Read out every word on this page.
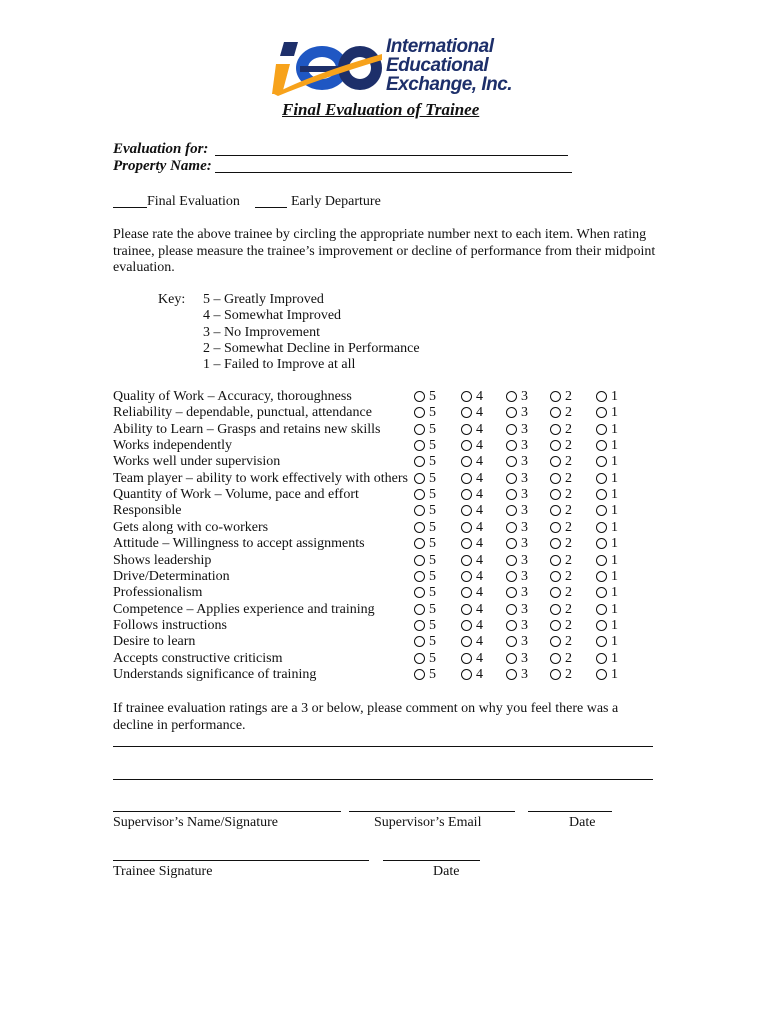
International
Educational
Exchange, Inc.
Final Evaluation of Trainee
Evaluation for:
Property Name:
Final Evaluation	Early Departure
Please rate the above trainee by circling the appropriate number next to each item. When rating trainee, please measure the trainee’s improvement or decline of performance from their midpoint evaluation.
Key: 5 – Greatly Improved
4 – Somewhat Improved
3 – No Improvement
2 – Somewhat Decline in Performance
1 – Failed to Improve at all
Quality of Work – Accuracy, thoroughness	5	4	3	2	1
Reliability – dependable, punctual, attendance	5	4	3	2	1
Ability to Learn – Grasps and retains new skills	5	4	3	2	1
Works independently	5	4	3	2	1
Works well under supervision	5	4	3	2	1
Team player – ability to work effectively with others 5	4	3	2	1
Quantity of Work – Volume, pace and effort	5	4	3	2	1
Responsible	5	4	3	2	1
Gets along with co-workers	5	4	3	2	1
Attitude – Willingness to accept assignments	5	4	3	2	1
Shows leadership	5	4	3	2	1
Drive/Determination	5	4	3	2	1
Professionalism	5	4	3	2	1
Competence – Applies experience and training	5	4	3	2	1
Follows instructions	5	4	3	2	1
Desire to learn	5	4	3	2	1
Accepts constructive criticism	5	4	3	2	1
Understands significance of training	5	4	3	2	1
If trainee evaluation ratings are a 3 or below, please comment on why you feel there was a decline in performance.
Supervisor’s Name/Signature	Supervisor’s Email	Date
Trainee Signature	Date
